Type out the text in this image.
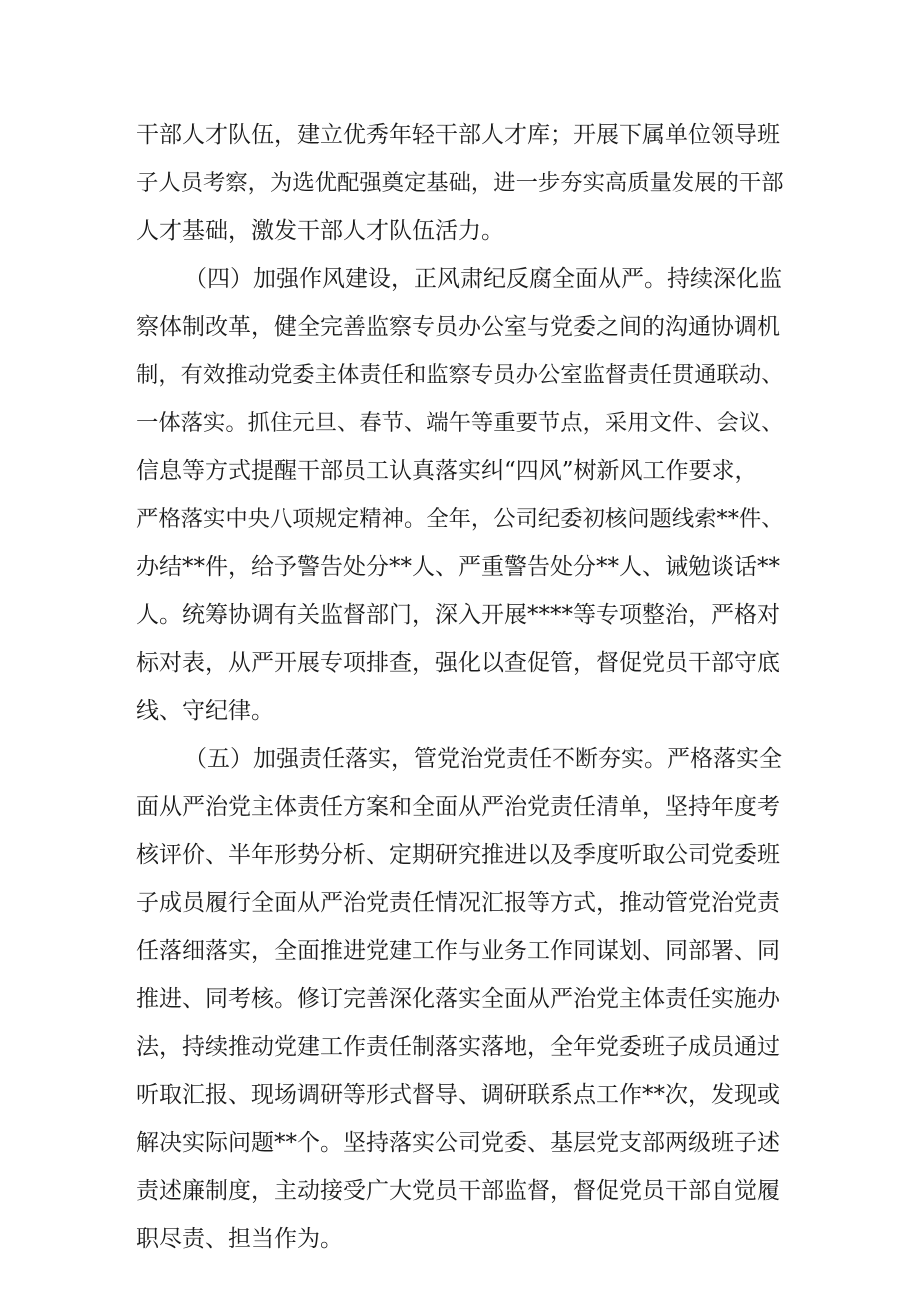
干部人才队伍，建立优秀年轻干部人才库；开展下属单位领导班
子人员考察，为选优配强奠定基础，进一步夯实高质量发展的干部
人才基础，激发干部人才队伍活力。
（四）加强作风建设，正风肃纪反腐全面从严。持续深化监
察体制改革，健全完善监察专员办公室与党委之间的沟通协调机
制，有效推动党委主体责任和监察专员办公室监督责任贯通联动、
一体落实。抓住元旦、春节、端午等重要节点，采用文件、会议、
信息等方式提醒干部员工认真落实纠“四风”树新风工作要求，
严格落实中央八项规定精神。全年，公司纪委初核问题线索**件、
办结**件，给予警告处分**人、严重警告处分**人、诫勉谈话**
人。统筹协调有关监督部门，深入开展****等专项整治，严格对
标对表，从严开展专项排查，强化以查促管，督促党员干部守底
线、守纪律。
（五）加强责任落实，管党治党责任不断夯实。严格落实全
面从严治党主体责任方案和全面从严治党责任清单，坚持年度考
核评价、半年形势分析、定期研究推进以及季度听取公司党委班
子成员履行全面从严治党责任情况汇报等方式，推动管党治党责
任落细落实，全面推进党建工作与业务工作同谋划、同部署、同
推进、同考核。修订完善深化落实全面从严治党主体责任实施办
法，持续推动党建工作责任制落实落地，全年党委班子成员通过
听取汇报、现场调研等形式督导、调研联系点工作**次，发现或
解决实际问题**个。坚持落实公司党委、基层党支部两级班子述
责述廉制度，主动接受广大党员干部监督，督促党员干部自觉履
职尽责、担当作为。
